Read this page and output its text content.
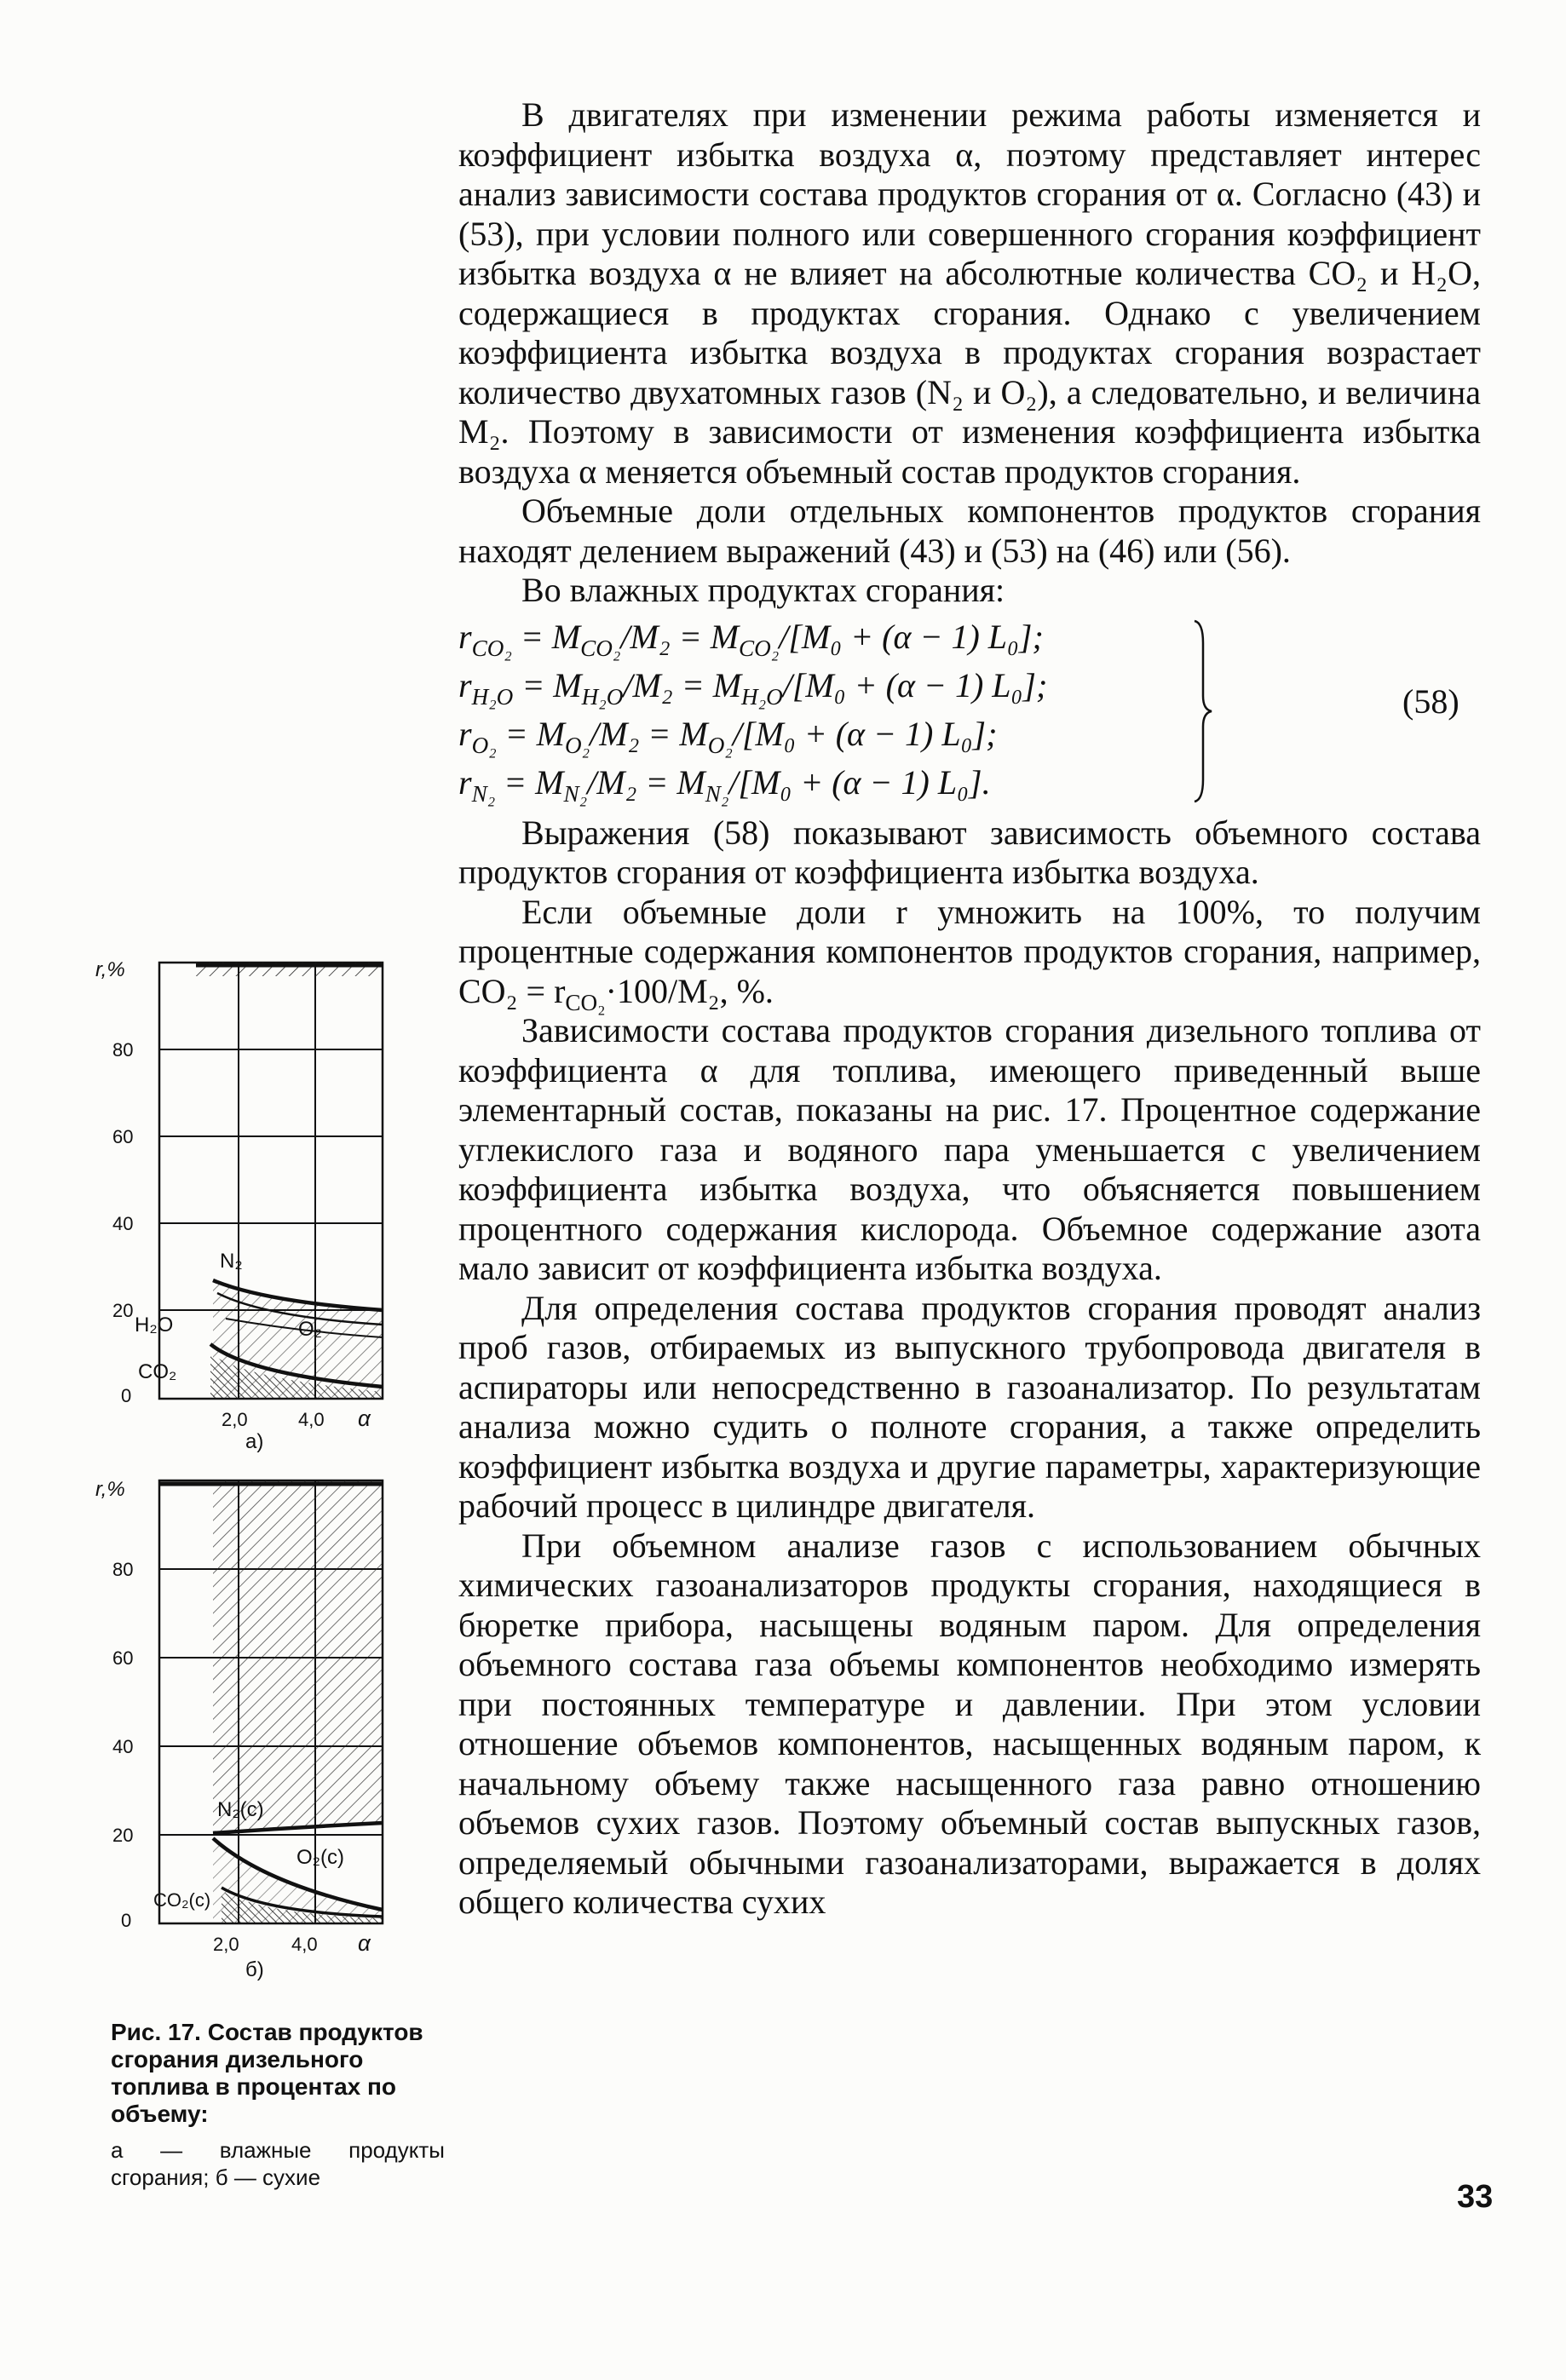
В двигателях при изменении режима работы изменяется и коэффициент избытка воздуха α, поэтому представляет интерес анализ зависимости состава продуктов сгорания от α. Согласно (43) и (53), при условии полного или совершенного сгорания коэффициент избытка воздуха α не влияет на абсолютные количества CO₂ и H₂O, содержащиеся в продуктах сгорания. Однако с увеличением коэффициента избытка воздуха в продуктах сгорания возрастает количество двухатомных газов (N₂ и O₂), а следовательно, и величина M₂. Поэтому в зависимости от изменения коэффициента избытка воздуха α меняется объемный состав продуктов сгорания.

Объемные доли отдельных компонентов продуктов сгорания находят делением выражений (43) и (53) на (46) или (56).

Во влажных продуктах сгорания:

$r_{CO_2} = M_{CO_2}/M_2 = M_{CO_2}/[M_0 + (\alpha - 1)$ L₀];
$r_{H_2O} = M_{H_2O}/M_2 = M_{H_2O}/[M_0 + (\alpha - 1)$ L₀];
$r_{O_2} = M_{O_2}/M_2 = M_{O_2}/[M_0 + (\alpha - 1)$ L₀];
$r_{N_2} = M_{N_2}/M_2 = M_{N_2}/[M_0 + (\alpha - 1)$ L₀].
(58)

Выражения (58) показывают зависимость объемного состава продуктов сгорания от коэффициента избытка воздуха.

Если объемные доли r умножить на 100%, то получим процентные содержания компонентов продуктов сгорания, например, $CO_2 = r_{CO_2}\cdot 100/M_2$, %.

Зависимости состава продуктов сгорания дизельного топлива от коэффициента α для топлива, имеющего приведенный выше элементарный состав, показаны на рис. 17. Процентное содержание углекислого газа и водяного пара уменьшается с увеличением коэффициента избытка воздуха, что объясняется повышением процентного содержания кислорода. Объемное содержание азота мало зависит от коэффициента избытка воздуха.

Для определения состава продуктов сгорания проводят анализ проб газов, отбираемых из выпускного трубопровода двигателя в аспираторы или непосредственно в газоанализатор. По результатам анализа можно судить о полноте сгорания, а также определить коэффициент избытка воздуха и другие параметры, характеризующие рабочий процесс в цилиндре двигателя.

При объемном анализе газов с использованием обычных химических газоанализаторов продукты сгорания, находящиеся в бюретке прибора, насыщены водяным паром. Для определения объемного состава газа объемы компонентов необходимо измерять при постоянных температуре и давлении. При этом условии отношение объемов компонентов, насыщенных водяным паром, к начальному объему также насыщенного газа равно отношению объемов сухих газов. Поэтому объемный состав выпускных газов, определяемый обычными газоанализаторами, выражается в долях общего количества сухих

r,%
0
20
40
60
80
2,0	4,0 α
а)
N₂
H₂O	O₂
CO₂
r,%
0
20
40
60
80
2,0	4,0 α
б)
N₂(c)
O₂(c)
CO₂(c)
Рис. 17. Состав продуктов сгорания дизельного топлива в процентах по объему:
а — влажные продукты сгорания; б — сухие
33
